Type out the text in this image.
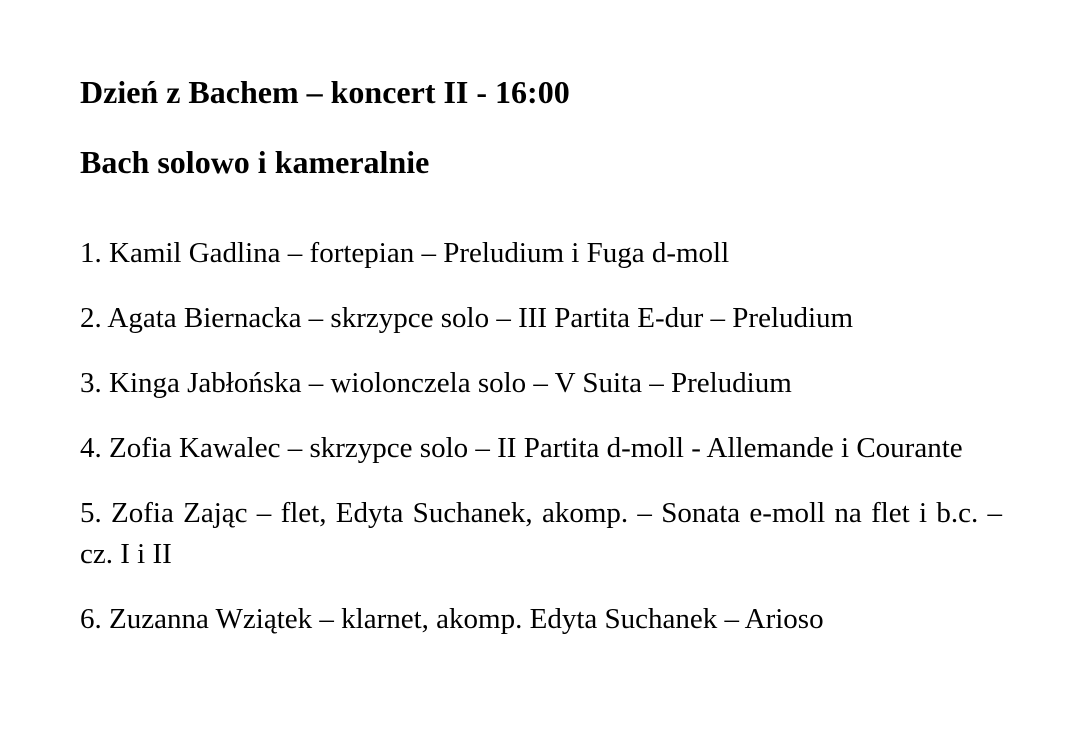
Dzień z Bachem – koncert II - 16:00
Bach solowo i kameralnie
1. Kamil Gadlina – fortepian – Preludium i Fuga d-moll
2. Agata Biernacka – skrzypce solo – III Partita E-dur – Preludium
3. Kinga Jabłońska – wiolonczela solo – V Suita – Preludium
4. Zofia Kawalec – skrzypce solo – II Partita d-moll - Allemande i Courante
5. Zofia Zając – flet, Edyta Suchanek, akomp. – Sonata e-moll na flet i b.c. – cz. I i II
6. Zuzanna Wziątek – klarnet, akomp. Edyta Suchanek – Arioso
